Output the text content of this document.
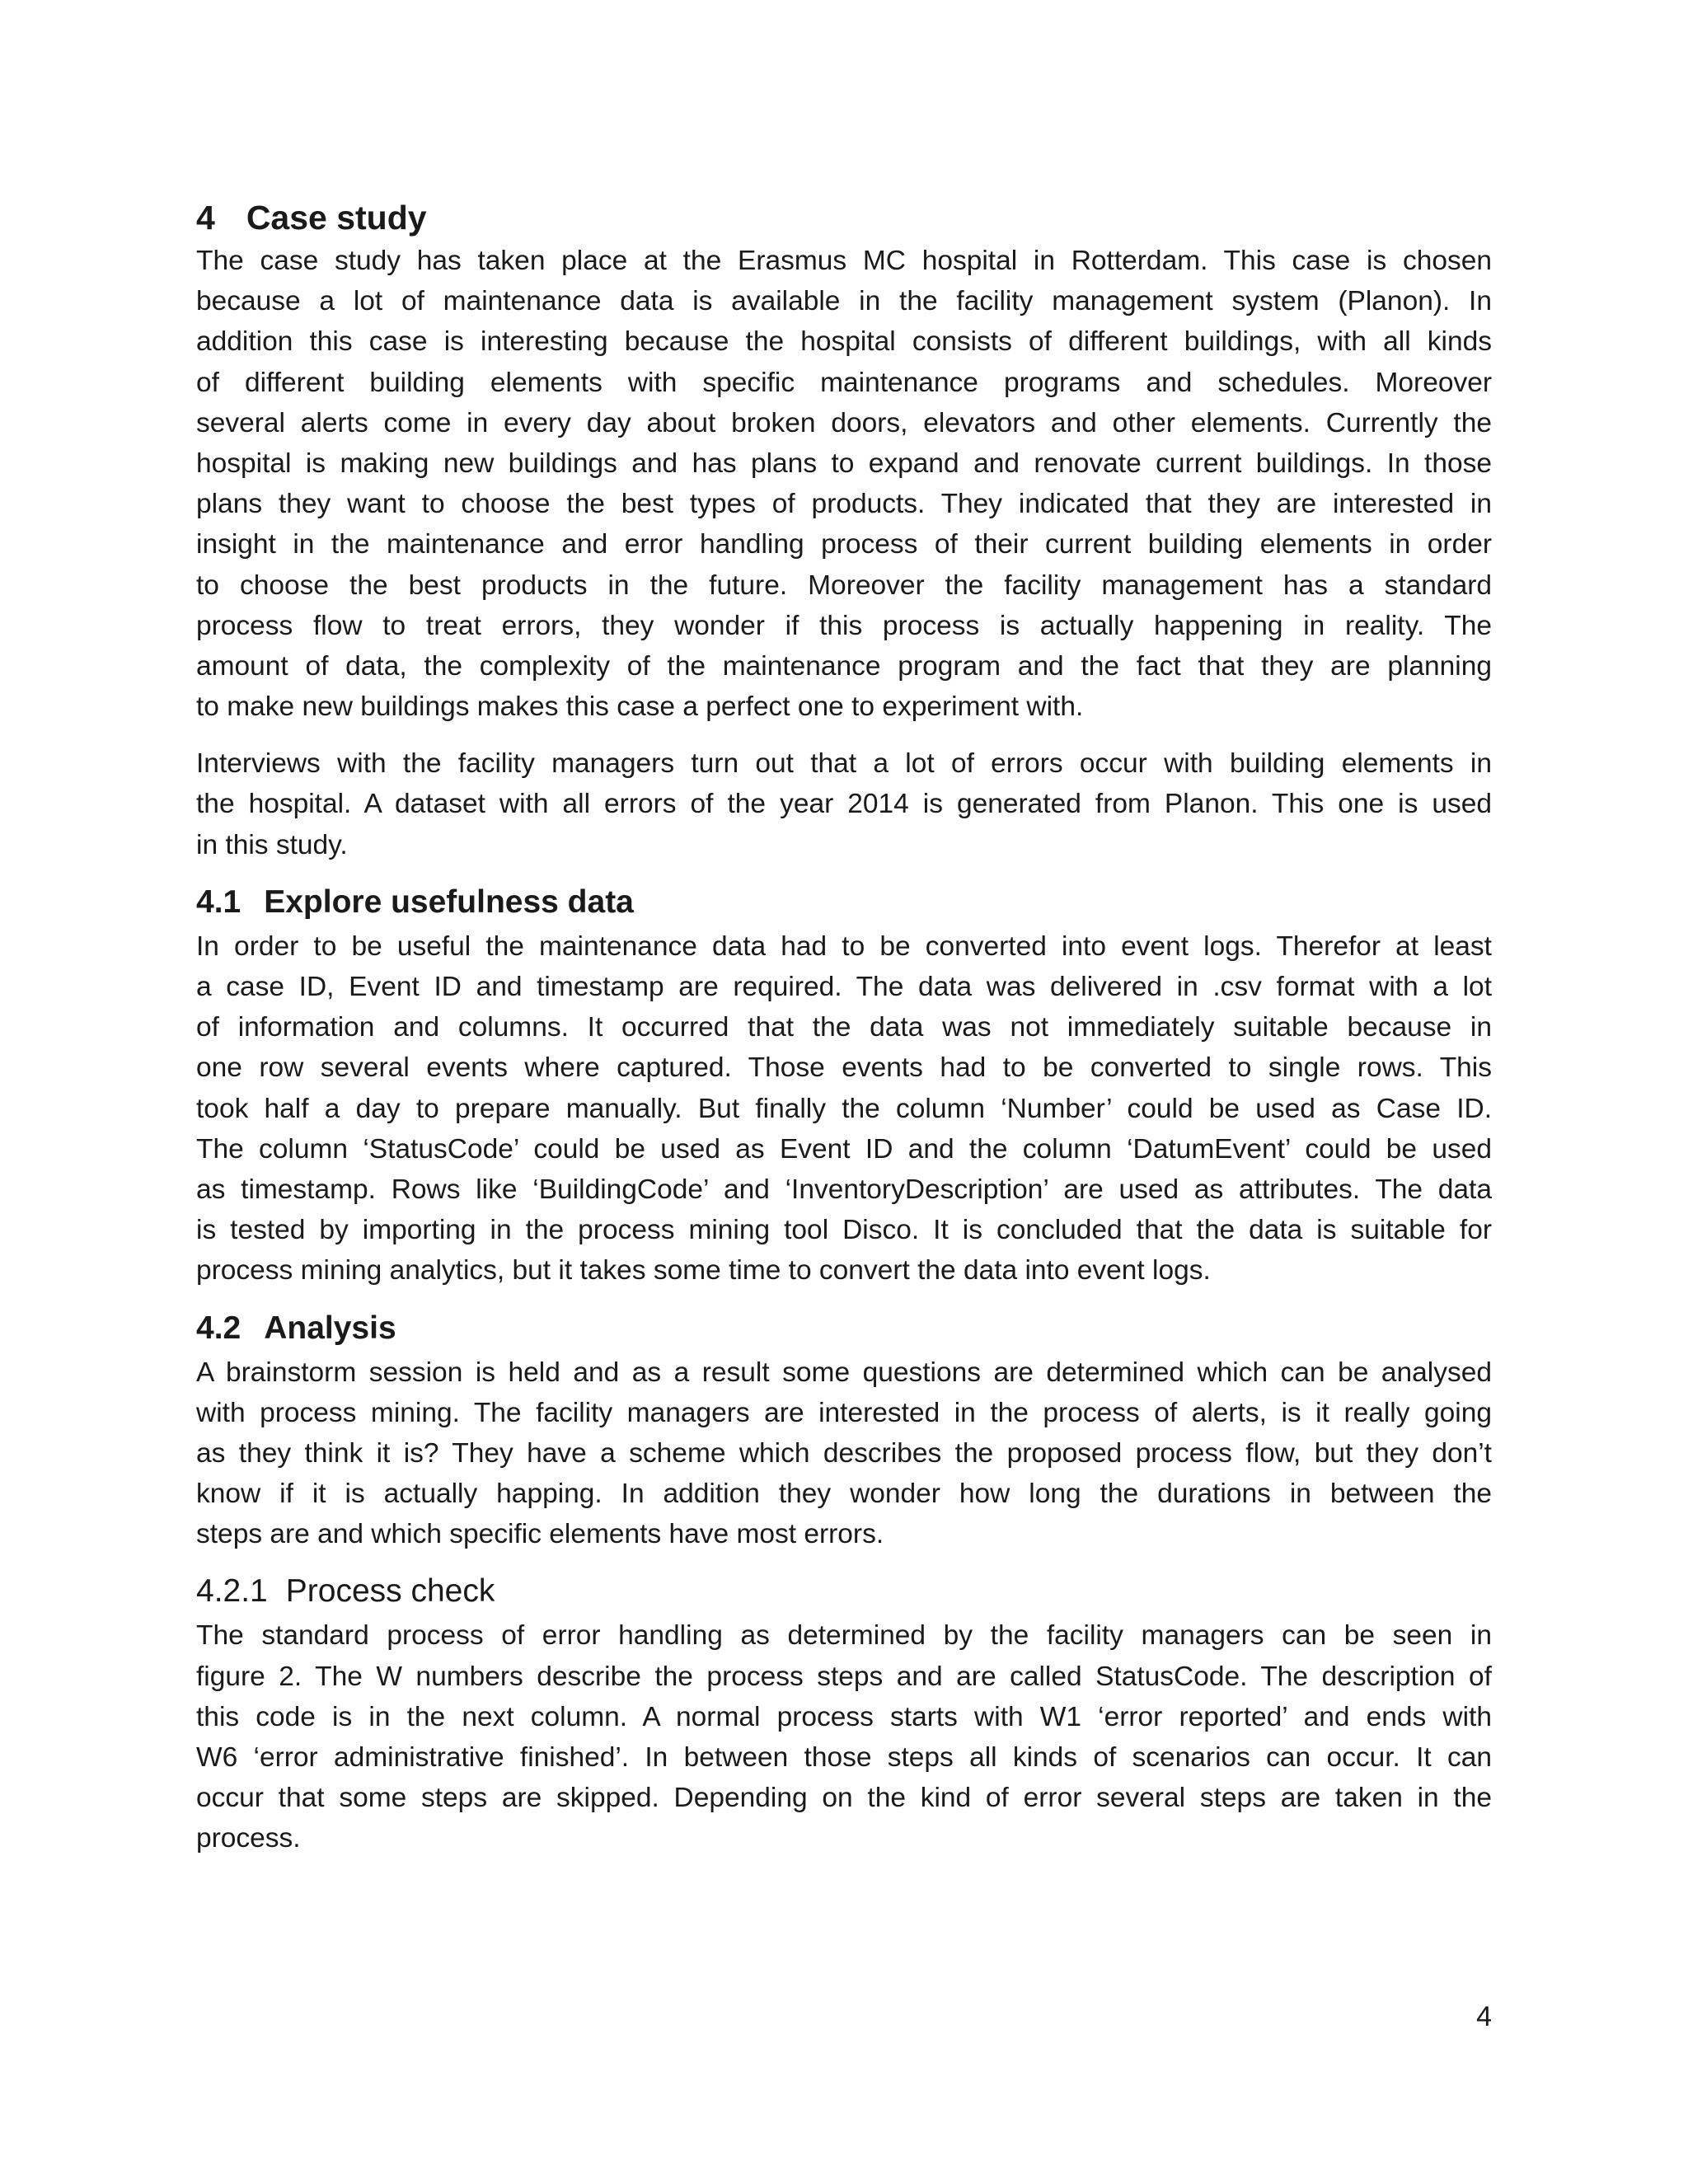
4 Case study
The case study has taken place at the Erasmus MC hospital in Rotterdam. This case is chosen
because a lot of maintenance data is available in the facility management system (Planon). In
addition this case is interesting because the hospital consists of different buildings, with all kinds
of different building elements with specific maintenance programs and schedules. Moreover
several alerts come in every day about broken doors, elevators and other elements. Currently the
hospital is making new buildings and has plans to expand and renovate current buildings. In those
plans they want to choose the best types of products. They indicated that they are interested in
insight in the maintenance and error handling process of their current building elements in order
to choose the best products in the future. Moreover the facility management has a standard
process flow to treat errors, they wonder if this process is actually happening in reality. The
amount of data, the complexity of the maintenance program and the fact that they are planning
to make new buildings makes this case a perfect one to experiment with.
Interviews with the facility managers turn out that a lot of errors occur with building elements in
the hospital. A dataset with all errors of the year 2014 is generated from Planon. This one is used
in this study.
4.1 Explore usefulness data
In order to be useful the maintenance data had to be converted into event logs. Therefor at least
a case ID, Event ID and timestamp are required. The data was delivered in .csv format with a lot
of information and columns. It occurred that the data was not immediately suitable because in
one row several events where captured. Those events had to be converted to single rows. This
took half a day to prepare manually. But finally the column ‘Number’ could be used as Case ID.
The column ‘StatusCode’ could be used as Event ID and the column ‘DatumEvent’ could be used
as timestamp. Rows like ‘BuildingCode’ and ‘InventoryDescription’ are used as attributes. The data
is tested by importing in the process mining tool Disco. It is concluded that the data is suitable for
process mining analytics, but it takes some time to convert the data into event logs.
4.2 Analysis
A brainstorm session is held and as a result some questions are determined which can be analysed
with process mining. The facility managers are interested in the process of alerts, is it really going
as they think it is? They have a scheme which describes the proposed process flow, but they don’t
know if it is actually happing. In addition they wonder how long the durations in between the
steps are and which specific elements have most errors.
4.2.1 Process check
The standard process of error handling as determined by the facility managers can be seen in
figure 2. The W numbers describe the process steps and are called StatusCode. The description of
this code is in the next column. A normal process starts with W1 ‘error reported’ and ends with
W6 ‘error administrative finished’. In between those steps all kinds of scenarios can occur. It can
occur that some steps are skipped. Depending on the kind of error several steps are taken in the
process.
4
